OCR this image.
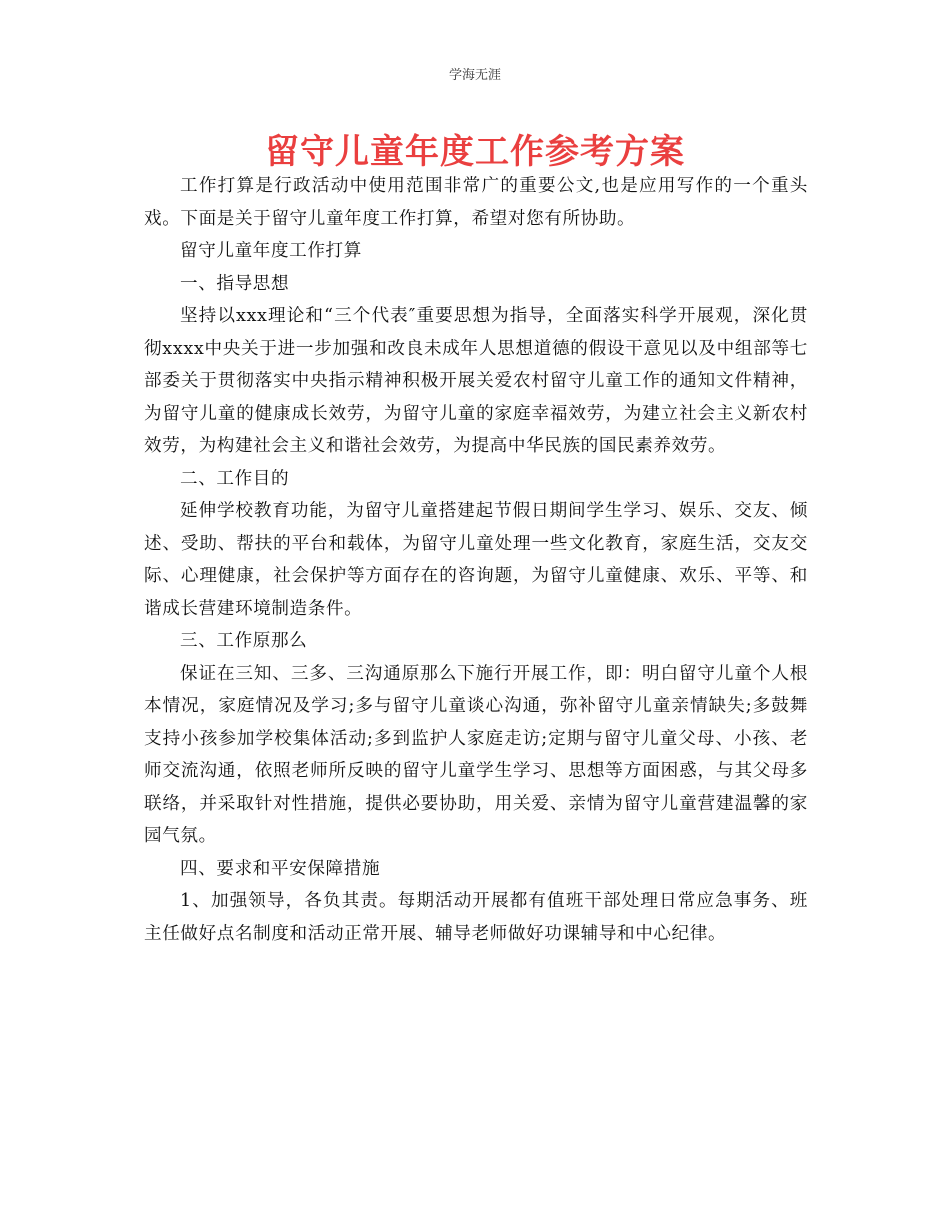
学海无涯
留守儿童年度工作参考方案

工作打算是行政活动中使用范围非常广的重要公文,也是应用写作的一个重头戏。下面是关于留守儿童年度工作打算，希望对您有所协助。

留守儿童年度工作打算

一、指导思想

坚持以xxx理论和“三个代表″重要思想为指导，全面落实科学开展观，深化贯彻xxxx中央关于进一步加强和改良未成年人思想道德的假设干意见以及中组部等七部委关于贯彻落实中央指示精神积极开展关爱农村留守儿童工作的通知文件精神，为留守儿童的健康成长效劳，为留守儿童的家庭幸福效劳，为建立社会主义新农村效劳，为构建社会主义和谐社会效劳，为提高中华民族的国民素养效劳。

二、工作目的

延伸学校教育功能，为留守儿童搭建起节假日期间学生学习、娱乐、交友、倾述、受助、帮扶的平台和载体，为留守儿童处理一些文化教育，家庭生活，交友交际、心理健康，社会保护等方面存在的咨询题，为留守儿童健康、欢乐、平等、和谐成长营建环境制造条件。

三、工作原那么

保证在三知、三多、三沟通原那么下施行开展工作，即：明白留守儿童个人根本情况，家庭情况及学习;多与留守儿童谈心沟通，弥补留守儿童亲情缺失;多鼓舞支持小孩参加学校集体活动;多到监护人家庭走访;定期与留守儿童父母、小孩、老师交流沟通，依照老师所反映的留守儿童学生学习、思想等方面困惑，与其父母多联络，并采取针对性措施，提供必要协助，用关爱、亲情为留守儿童营建温馨的家园气氛。

四、要求和平安保障措施

1、加强领导，各负其责。每期活动开展都有值班干部处理日常应急事务、班主任做好点名制度和活动正常开展、辅导老师做好功课辅导和中心纪律。
